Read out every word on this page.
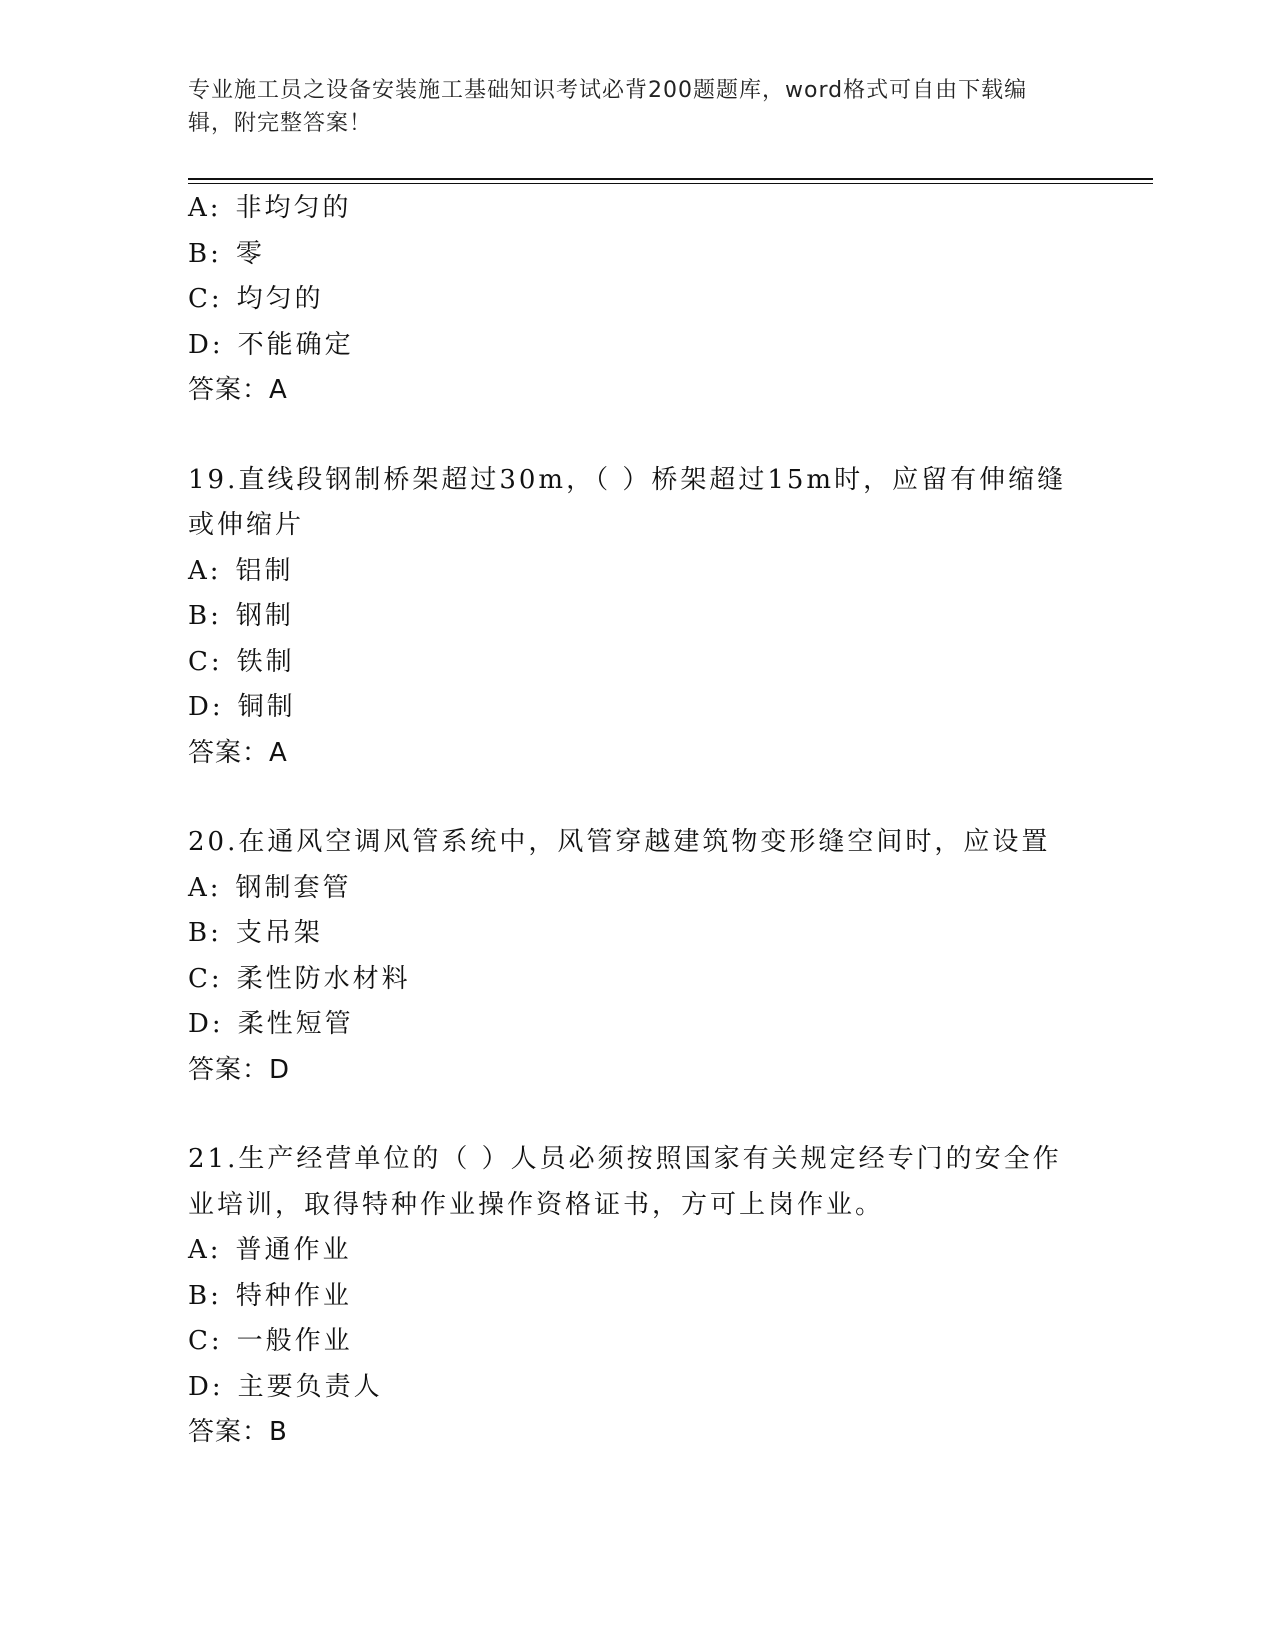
专业施工员之设备安装施工基础知识考试必背200题题库，word格式可自由下载编辑，附完整答案！
A: 非均匀的
B: 零
C: 均匀的
D: 不能确定
答案：A
19.直线段钢制桥架超过30m，（ ）桥架超过15m时，应留有伸缩缝或伸缩片
A: 铝制
B: 钢制
C: 铁制
D: 铜制
答案：A
20.在通风空调风管系统中，风管穿越建筑物变形缝空间时，应设置
A: 钢制套管
B: 支吊架
C: 柔性防水材料
D: 柔性短管
答案：D
21.生产经营单位的（ ）人员必须按照国家有关规定经专门的安全作业培训，取得特种作业操作资格证书，方可上岗作业。
A: 普通作业
B: 特种作业
C: 一般作业
D: 主要负责人
答案：B
